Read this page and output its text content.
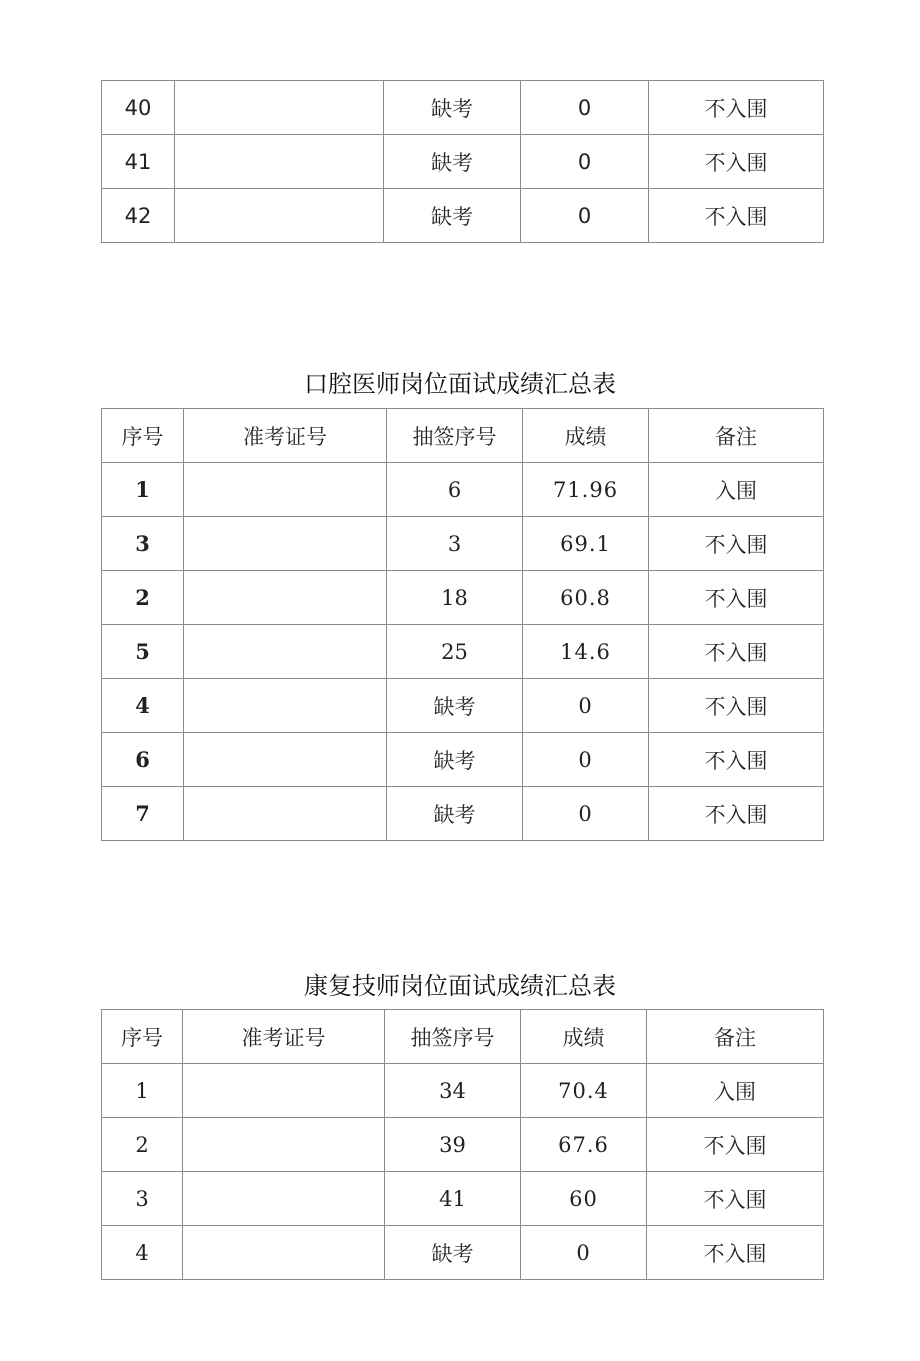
40		缺考	0	不入围
41		缺考	0	不入围
42		缺考	0	不入围
口腔医师岗位面试成绩汇总表
序号	准考证号	抽签序号	成绩	备注
1		6	71.96	入围
3		3	69.1	不入围
2		18	60.8	不入围
5		25	14.6	不入围
4		缺考	0	不入围
6		缺考	0	不入围
7		缺考	0	不入围
康复技师岗位面试成绩汇总表
序号	准考证号	抽签序号	成绩	备注
1		34	70.4	入围
2		39	67.6	不入围
3		41	60	不入围
4		缺考	0	不入围
